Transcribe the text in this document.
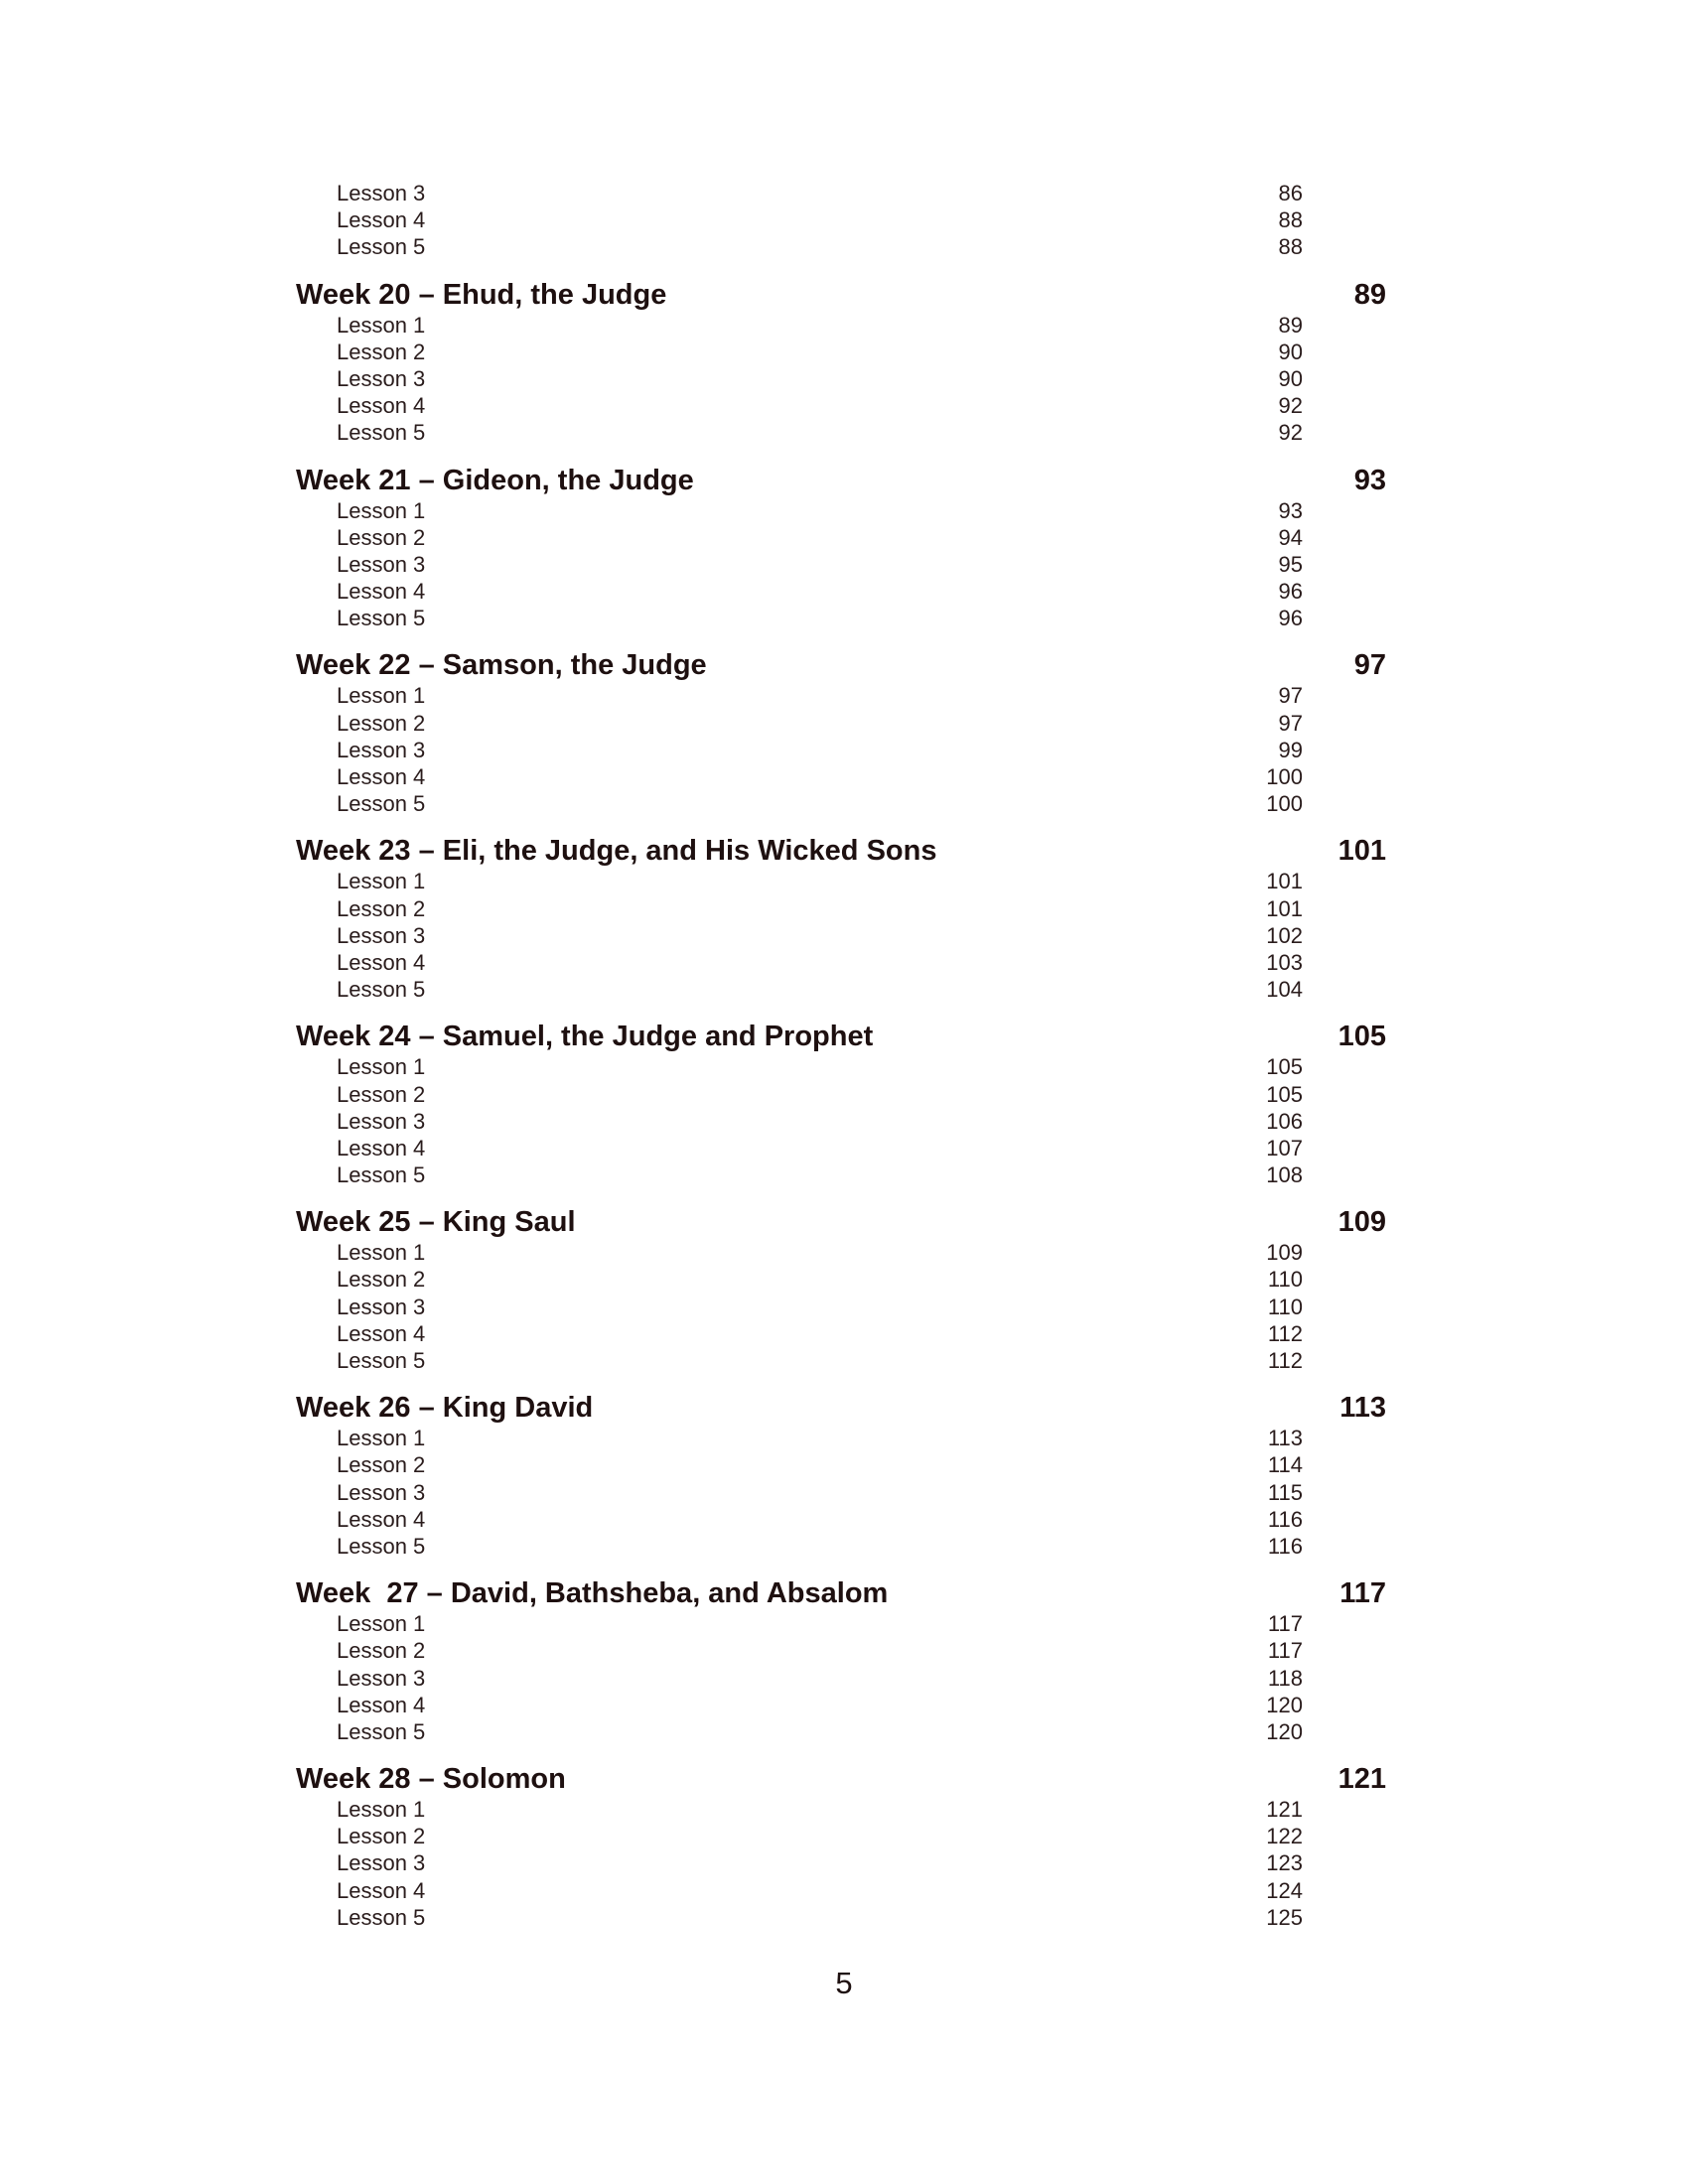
Lesson 3	86
Lesson 4	88
Lesson 5	88
Week 20 – Ehud, the Judge	89
Lesson 1	89
Lesson 2	90
Lesson 3	90
Lesson 4	92
Lesson 5	92
Week 21 – Gideon, the Judge	93
Lesson 1	93
Lesson 2	94
Lesson 3	95
Lesson 4	96
Lesson 5	96
Week 22 – Samson, the Judge	97
Lesson 1	97
Lesson 2	97
Lesson 3	99
Lesson 4	100
Lesson 5	100
Week 23 – Eli, the Judge, and His Wicked Sons	101
Lesson 1	101
Lesson 2	101
Lesson 3	102
Lesson 4	103
Lesson 5	104
Week 24 – Samuel, the Judge and Prophet	105
Lesson 1	105
Lesson 2	105
Lesson 3	106
Lesson 4	107
Lesson 5	108
Week 25 – King Saul	109
Lesson 1	109
Lesson 2	110
Lesson 3	110
Lesson 4	112
Lesson 5	112
Week 26 – King David	113
Lesson 1	113
Lesson 2	114
Lesson 3	115
Lesson 4	116
Lesson 5	116
Week  27 – David, Bathsheba, and Absalom	117
Lesson 1	117
Lesson 2	117
Lesson 3	118
Lesson 4	120
Lesson 5	120
Week 28 – Solomon	121
Lesson 1	121
Lesson 2	122
Lesson 3	123
Lesson 4	124
Lesson 5	125
5
